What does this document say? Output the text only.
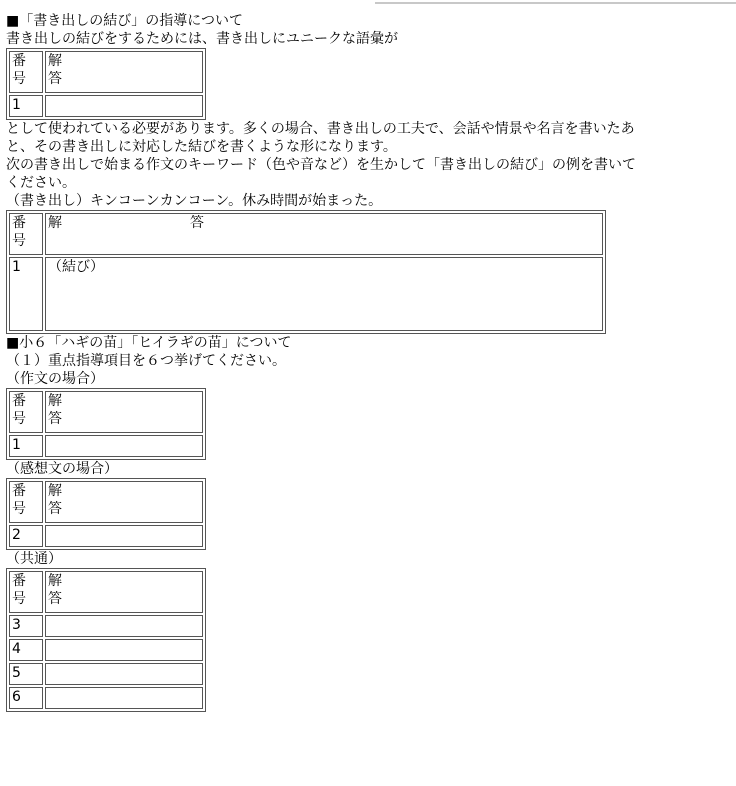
■「書き出しの結び」の指導について
書き出しの結びをするためには、書き出しにユニークな語彙が
番
号	解
答
1	
として使われている必要があります。多くの場合、書き出しの工夫で、会話や情景や名言を書いたあ
と、その書き出しに対応した結びを書くような形になります。
次の書き出しで始まる作文のキーワード（色や音など）を生かして「書き出しの結び」の例を書いて
ください。
（書き出し）キンコーンカンコーン。休み時間が始まった。
番
号	解 答
1	（結び）
■小６「ハギの苗」「ヒイラギの苗」について
（１）重点指導項目を６つ挙げてください。
（作文の場合）
番
号	解
答
1	
（感想文の場合）
番
号	解
答
2	
（共通）
番
号	解
答
3	
4	
5	
6	
